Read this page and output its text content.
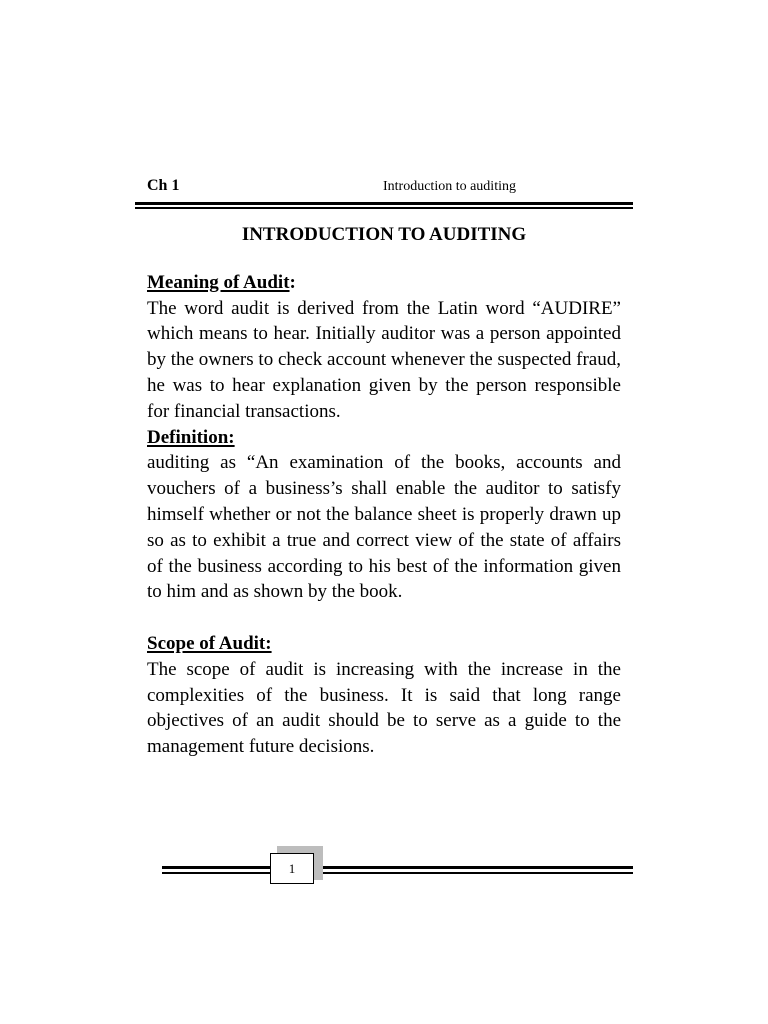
Ch 1	Introduction to auditing
INTRODUCTION TO AUDITING
Meaning of Audit:

The word audit is derived from the Latin word “AUDIRE” which means to hear. Initially auditor was a person appointed by the owners to check account whenever the suspected fraud, he was to hear explanation given by the person responsible for financial transactions.

Definition:

auditing as “An examination of the books, accounts and vouchers of a business’s shall enable the auditor to satisfy himself whether or not the balance sheet is properly drawn up so as to exhibit a true and correct view of the state of affairs of the business according to his best of the information given to him and as shown by the book.

Scope of Audit:

The scope of audit is increasing with the increase in the complexities of the business. It is said that long range objectives of an audit should be to serve as a guide to the management future decisions.

1
